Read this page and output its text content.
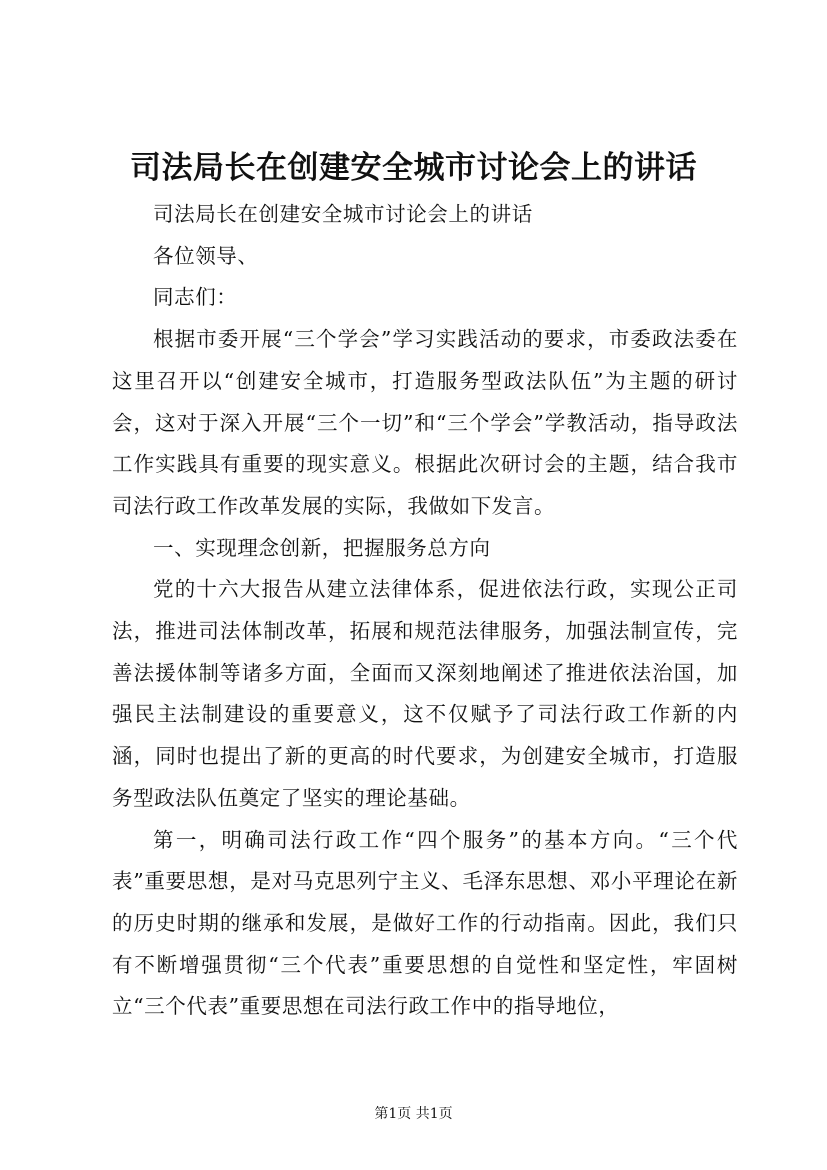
司法局长在创建安全城市讨论会上的讲话

司法局长在创建安全城市讨论会上的讲话

各位领导、

同志们：

根据市委开展“三个学会”学习实践活动的要求，市委政法委在这里召开以“创建安全城市，打造服务型政法队伍”为主题的研讨会，这对于深入开展“三个一切”和“三个学会”学教活动，指导政法工作实践具有重要的现实意义。根据此次研讨会的主题，结合我市司法行政工作改革发展的实际，我做如下发言。

一、实现理念创新，把握服务总方向

党的十六大报告从建立法律体系，促进依法行政，实现公正司法，推进司法体制改革，拓展和规范法律服务，加强法制宣传，完善法援体制等诸多方面，全面而又深刻地阐述了推进依法治国，加强民主法制建设的重要意义，这不仅赋予了司法行政工作新的内涵，同时也提出了新的更高的时代要求，为创建安全城市，打造服务型政法队伍奠定了坚实的理论基础。

第一，明确司法行政工作“四个服务”的基本方向。“三个代表”重要思想，是对马克思列宁主义、毛泽东思想、邓小平理论在新的历史时期的继承和发展，是做好工作的行动指南。因此，我们只有不断增强贯彻“三个代表”重要思想的自觉性和坚定性，牢固树立“三个代表”重要思想在司法行政工作中的指导地位，

第1页 共1页
